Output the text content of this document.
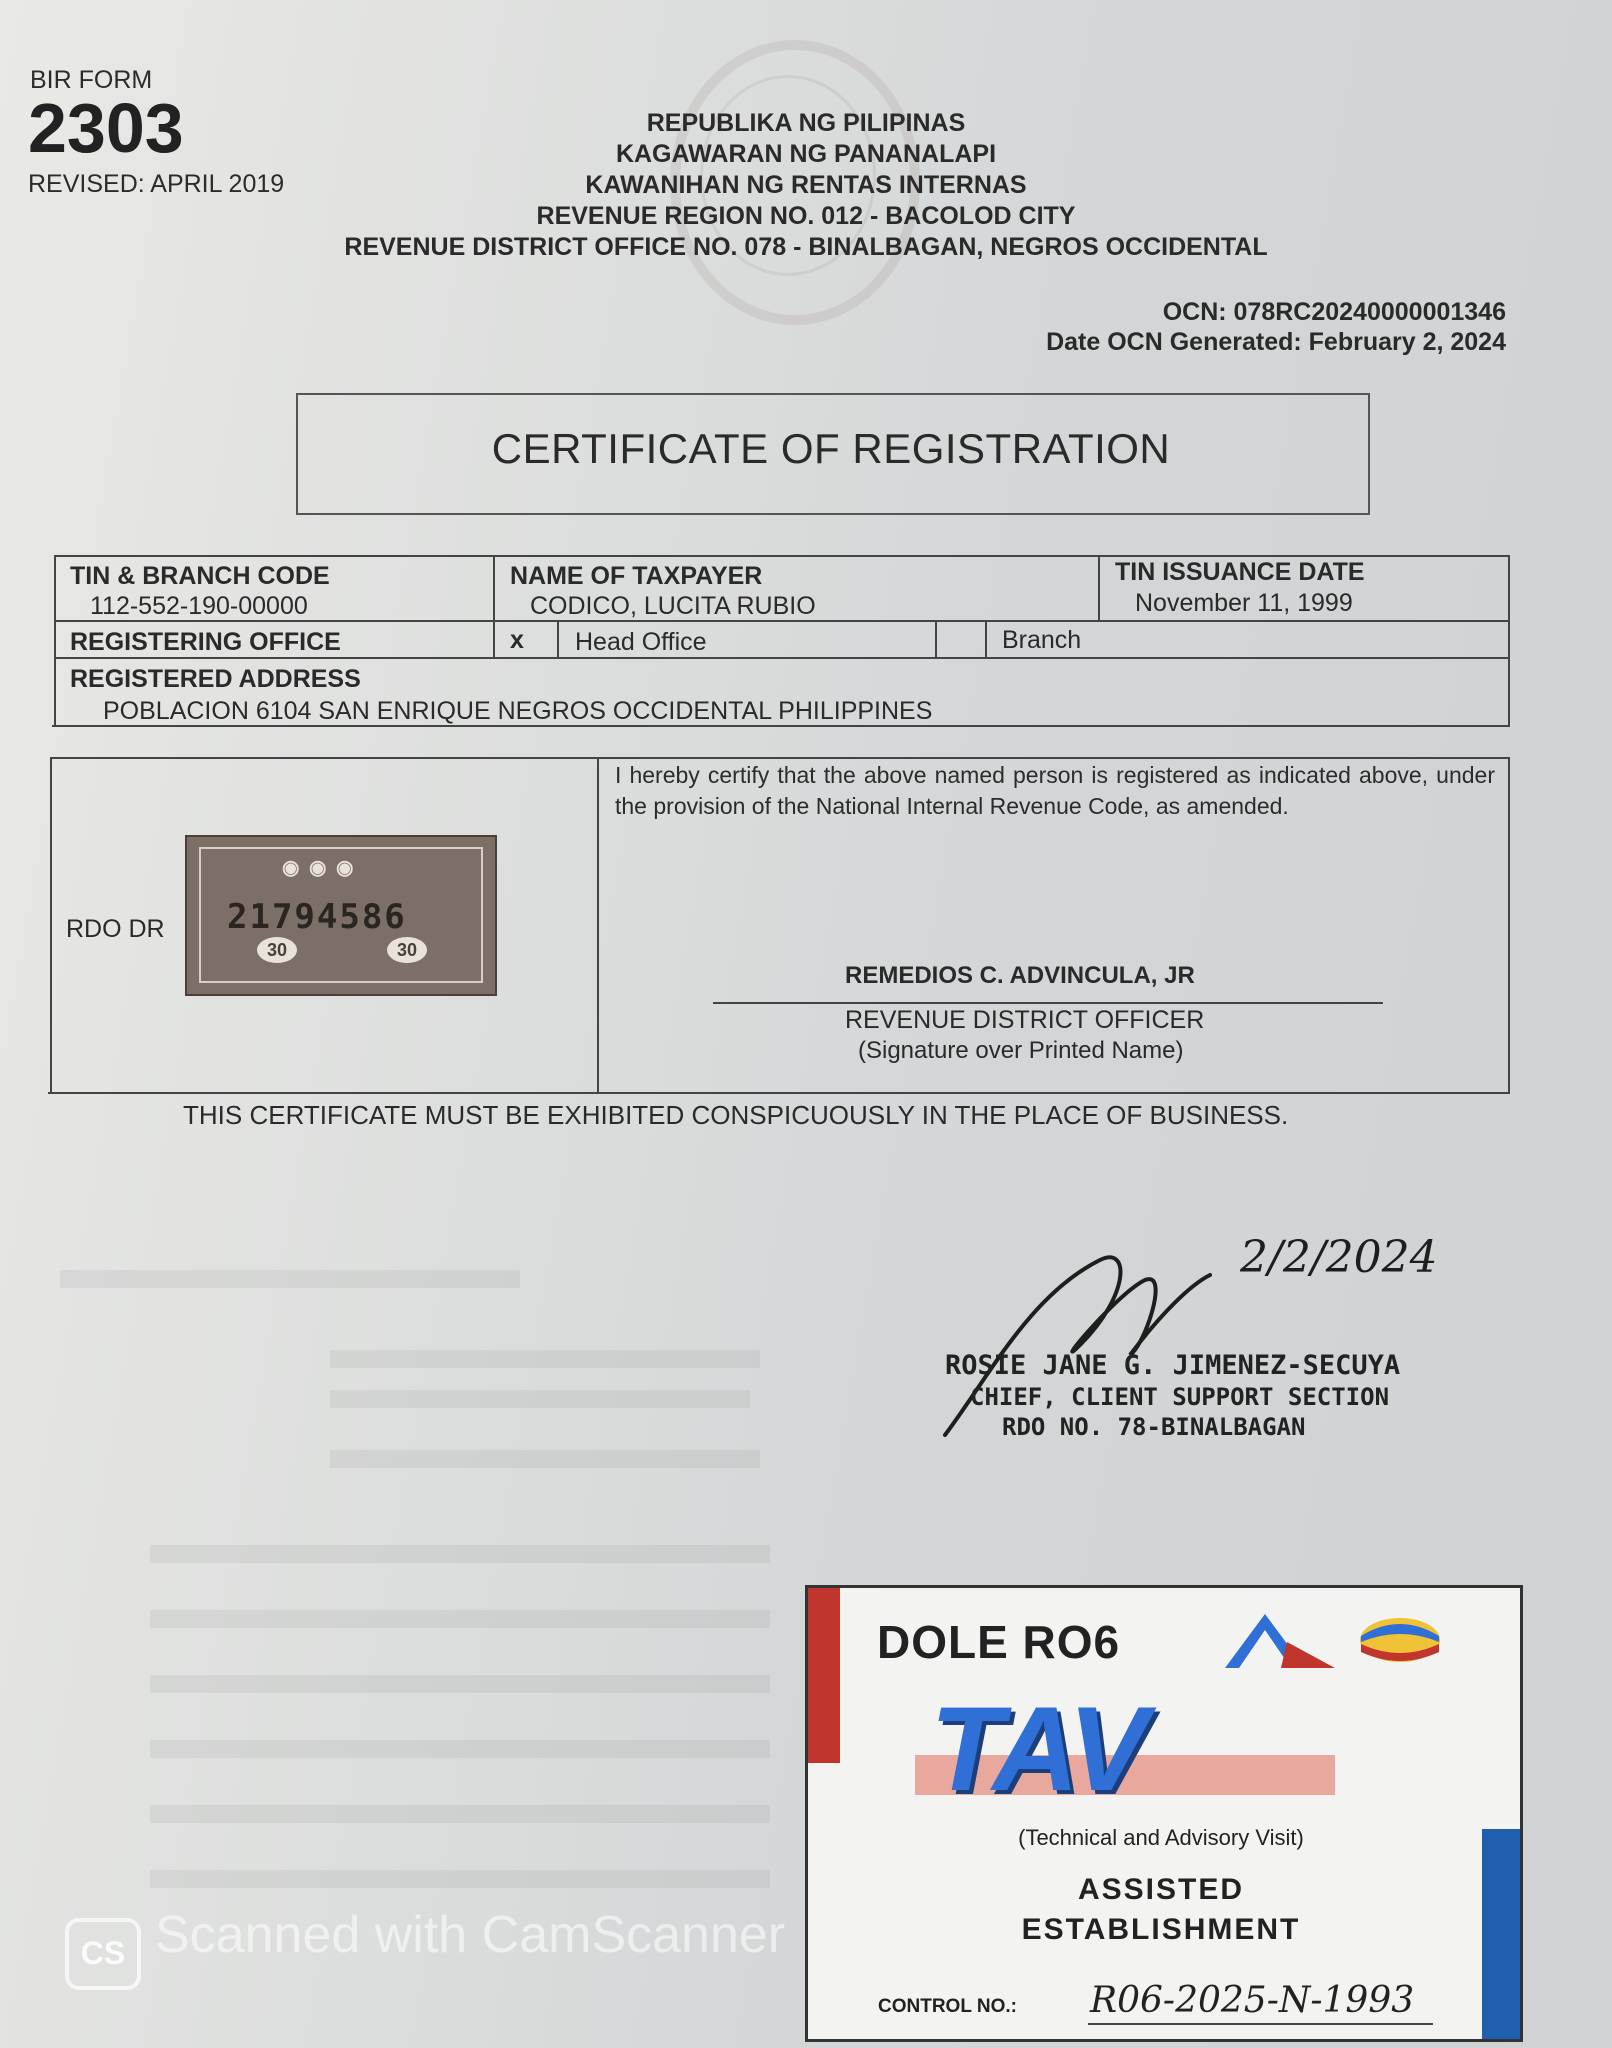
BIR FORM
2303
REVISED: APRIL 2019
REPUBLIKA NG PILIPINAS
KAGAWARAN NG PANANALAPI
KAWANIHAN NG RENTAS INTERNAS
REVENUE REGION NO. 012 - BACOLOD CITY
REVENUE DISTRICT OFFICE NO. 078 - BINALBAGAN, NEGROS OCCIDENTAL
OCN: 078RC20240000001346
Date OCN Generated: February 2, 2024
CERTIFICATE OF REGISTRATION
TIN & BRANCH CODE
112-552-190-00000
NAME OF TAXPAYER
CODICO, LUCITA RUBIO
TIN ISSUANCE DATE
November 11, 1999
REGISTERING OFFICE	x Head Office	Branch
REGISTERED ADDRESS
POBLACION 6104 SAN ENRIQUE NEGROS OCCIDENTAL PHILIPPINES
RDO DR
◉ ◉ ◉
21794586
30	30
I hereby certify that the above named person is registered as indicated above, under the provision of the National Internal Revenue Code, as amended.
REMEDIOS C. ADVINCULA, JR
REVENUE DISTRICT OFFICER
(Signature over Printed Name)
THIS CERTIFICATE MUST BE EXHIBITED CONSPICUOUSLY IN THE PLACE OF BUSINESS.
2/2/2024
ROSIE JANE G. JIMENEZ-SECUYA
CHIEF, CLIENT SUPPORT SECTION
RDO NO. 78-BINALBAGAN
DOLE RO6
TAV
(Technical and Advisory Visit)
ASSISTED
ESTABLISHMENT
CONTROL NO.: R06-2025-N-1993
CS Scanned with CamScanner
